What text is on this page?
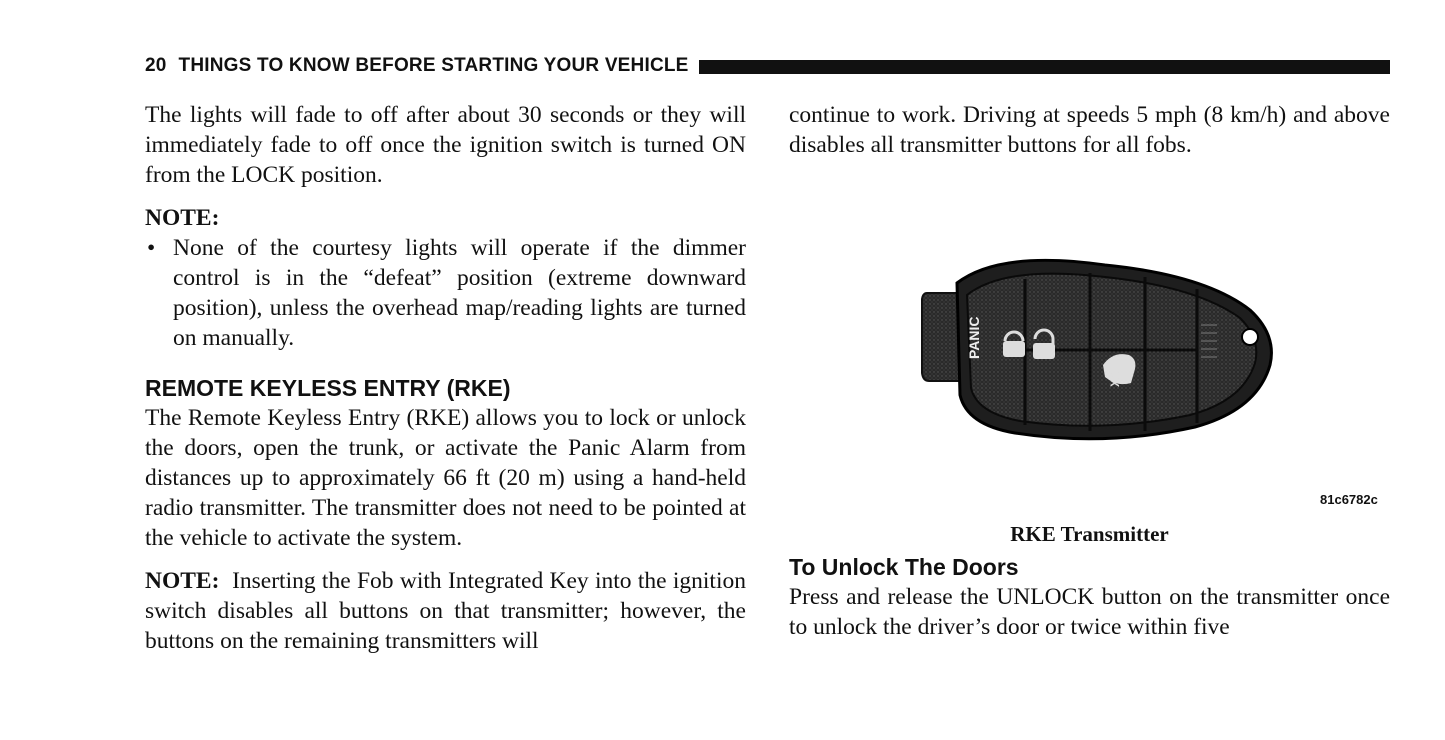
20 THINGS TO KNOW BEFORE STARTING YOUR VEHICLE

The lights will fade to off after about 30 seconds or they will immediately fade to off once the ignition switch is turned ON from the LOCK position.

NOTE:

• None of the courtesy lights will operate if the dimmer control is in the “defeat” position (extreme downward position), unless the overhead map/reading lights are turned on manually.
REMOTE KEYLESS ENTRY (RKE)

The Remote Keyless Entry (RKE) allows you to lock or unlock the doors, open the trunk, or activate the Panic Alarm from distances up to approximately 66 ft (20 m) using a hand-held radio transmitter. The transmitter does not need to be pointed at the vehicle to activate the system.

NOTE: Inserting the Fob with Integrated Key into the ignition switch disables all buttons on that transmitter; however, the buttons on the remaining transmitters will

continue to work. Driving at speeds 5 mph (8 km/h) and above disables all transmitter buttons for all fobs.

PANIC
X2
81c6782c
RKE Transmitter
To Unlock The Doors

Press and release the UNLOCK button on the transmitter once to unlock the driver’s door or twice within five
